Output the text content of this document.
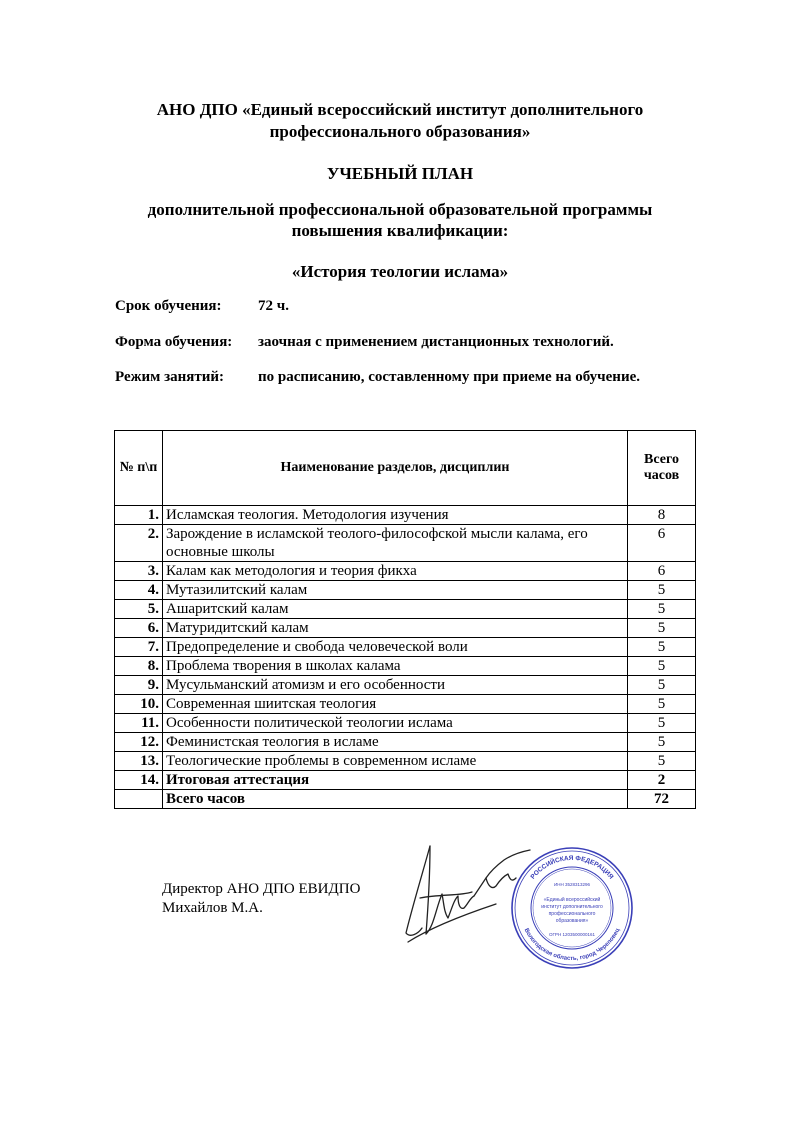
АНО ДПО «Единый всероссийский институт дополнительного
профессионального образования»
УЧЕБНЫЙ ПЛАН
дополнительной профессиональной образовательной программы
повышения квалификации:
«История теологии ислама»
Срок обучения: 72 ч.
Форма обучения: заочная с применением дистанционных технологий.
Режим занятий: по расписанию, составленному при приеме на обучение.
№ п\п	Наименование разделов, дисциплин	Всего часов
1.	Исламская теология. Методология изучения	8
2.	Зарождение в исламской теолого-философской мысли калама, его основные школы	6
3.	Калам как методология и теория фикха	6
4.	Мутазилитский калам	5
5.	Ашаритский калам	5
6.	Матуридитский калам	5
7.	Предопределение и свобода человеческой воли	5
8.	Проблема творения в школах калама	5
9.	Мусульманский атомизм и его особенности	5
10.	Современная шиитская теология	5
11.	Особенности политической теологии ислама	5
12.	Феминистская теология в исламе	5
13.	Теологические проблемы в современном исламе	5
14.	Итоговая аттестация	2
	Всего часов	72
Директор АНО ДПО ЕВИДПО
Михайлов М.А.
РОССИЙСКАЯ ФЕДЕРАЦИЯ
Вологодская область, город Череповец
ИНН 3528313296
«Единый всероссийский
институт дополнительного
профессионального
образования»
ОГРН 1203500000161
